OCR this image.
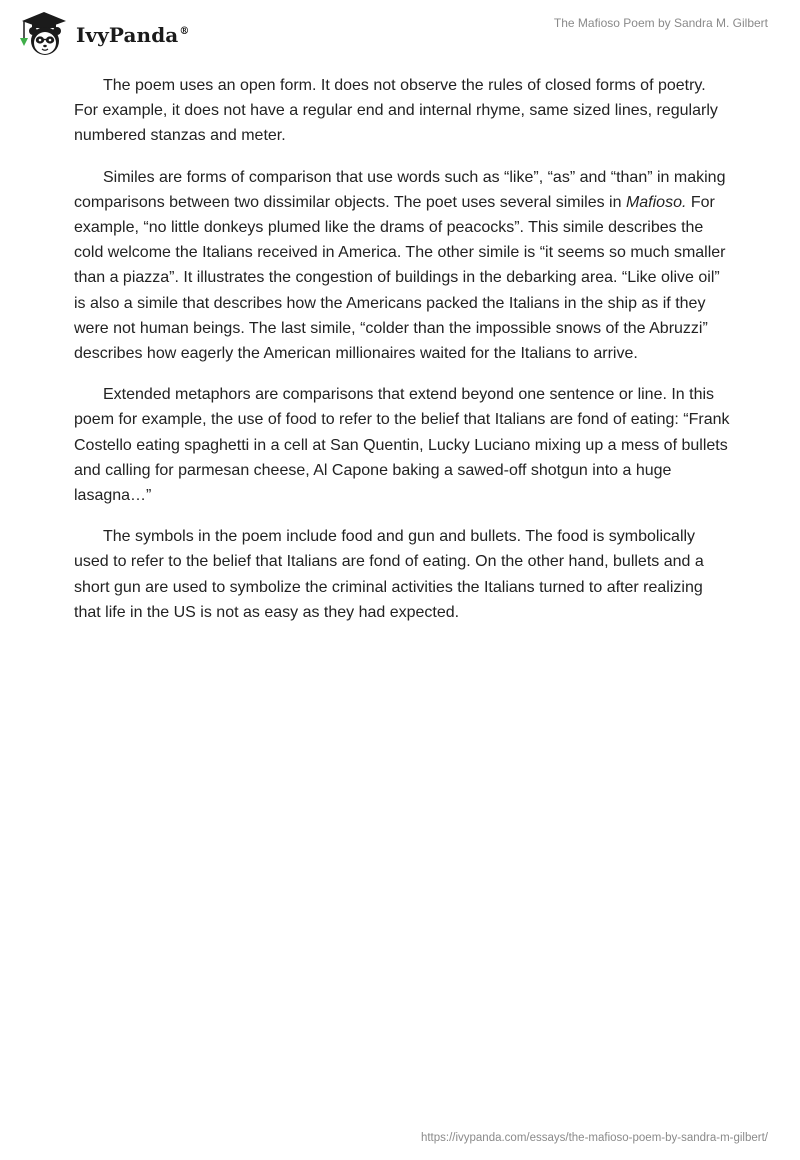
IvyPanda®
The Mafioso Poem by Sandra M. Gilbert

The poem uses an open form. It does not observe the rules of closed forms of poetry. For example, it does not have a regular end and internal rhyme, same sized lines, regularly numbered stanzas and meter.

Similes are forms of comparison that use words such as “like”, “as” and “than” in making comparisons between two dissimilar objects. The poet uses several similes in Mafioso. For example, “no little donkeys plumed like the drams of peacocks”. This simile describes the cold welcome the Italians received in America. The other simile is “it seems so much smaller than a piazza”. It illustrates the congestion of buildings in the debarking area. “Like olive oil” is also a simile that describes how the Americans packed the Italians in the ship as if they were not human beings. The last simile, “colder than the impossible snows of the Abruzzi” describes how eagerly the American millionaires waited for the Italians to arrive.

Extended metaphors are comparisons that extend beyond one sentence or line. In this poem for example, the use of food to refer to the belief that Italians are fond of eating: “Frank Costello eating spaghetti in a cell at San Quentin, Lucky Luciano mixing up a mess of bullets and calling for parmesan cheese, Al Capone baking a sawed-off shotgun into a huge lasagna…”

The symbols in the poem include food and gun and bullets. The food is symbolically used to refer to the belief that Italians are fond of eating. On the other hand, bullets and a short gun are used to symbolize the criminal activities the Italians turned to after realizing that life in the US is not as easy as they had expected.

https://ivypanda.com/essays/the-mafioso-poem-by-sandra-m-gilbert/
